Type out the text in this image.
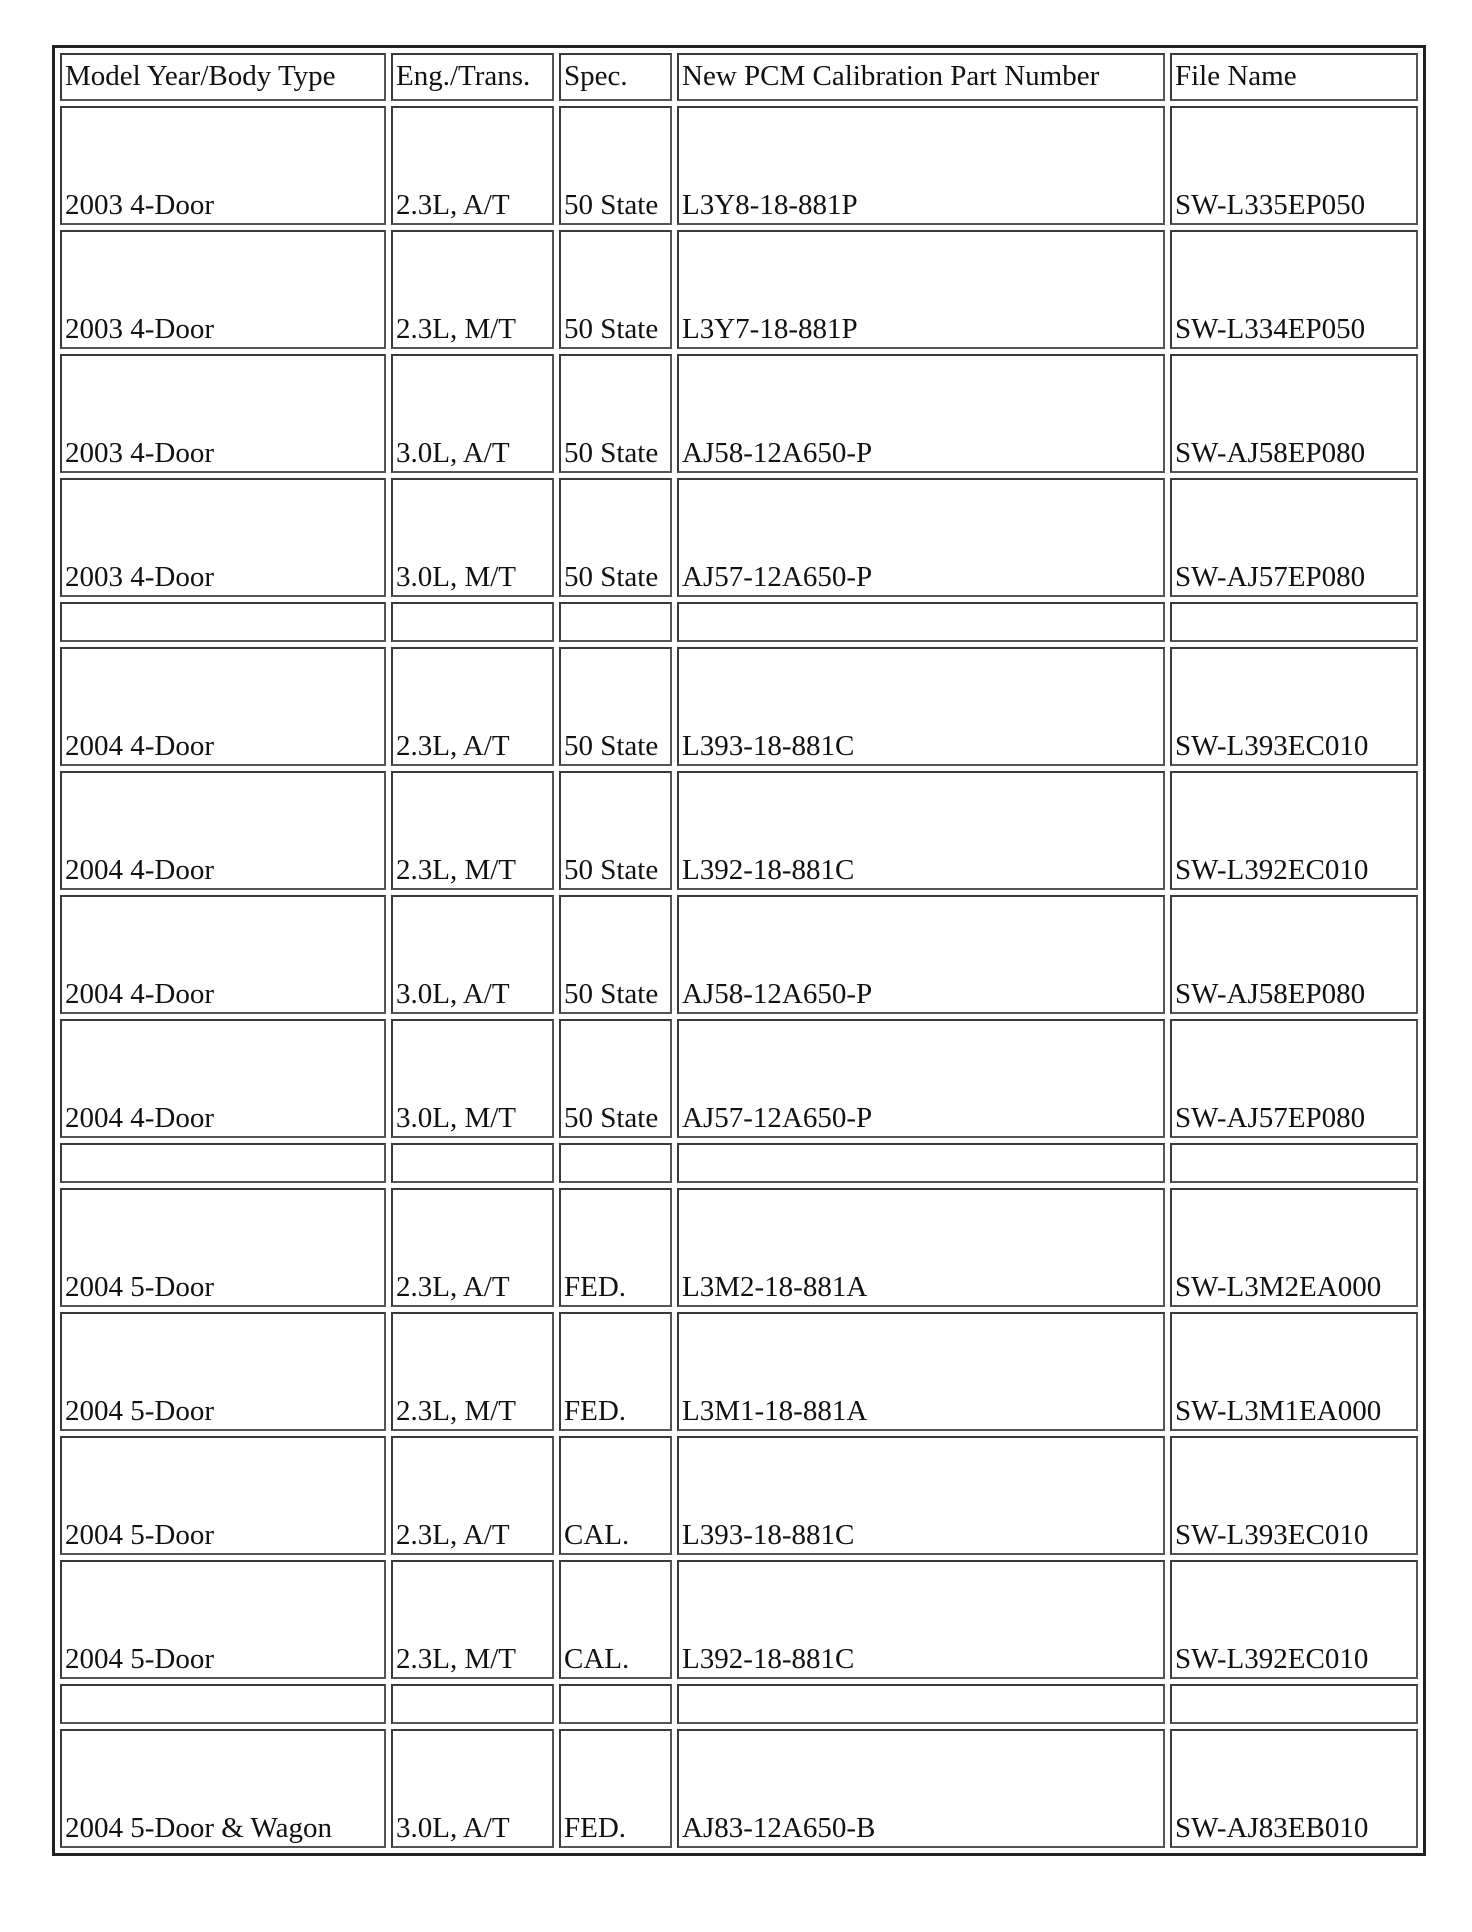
Model Year/Body Type	Eng./Trans.	Spec.	New PCM Calibration Part Number	File Name
2003 4-Door	2.3L, A/T	50 State	L3Y8-18-881P	SW-L335EP050
2003 4-Door	2.3L, M/T	50 State	L3Y7-18-881P	SW-L334EP050
2003 4-Door	3.0L, A/T	50 State	AJ58-12A650-P	SW-AJ58EP080
2003 4-Door	3.0L, M/T	50 State	AJ57-12A650-P	SW-AJ57EP080

2004 4-Door	2.3L, A/T	50 State	L393-18-881C	SW-L393EC010
2004 4-Door	2.3L, M/T	50 State	L392-18-881C	SW-L392EC010
2004 4-Door	3.0L, A/T	50 State	AJ58-12A650-P	SW-AJ58EP080
2004 4-Door	3.0L, M/T	50 State	AJ57-12A650-P	SW-AJ57EP080

2004 5-Door	2.3L, A/T	FED.	L3M2-18-881A	SW-L3M2EA000
2004 5-Door	2.3L, M/T	FED.	L3M1-18-881A	SW-L3M1EA000
2004 5-Door	2.3L, A/T	CAL.	L393-18-881C	SW-L393EC010
2004 5-Door	2.3L, M/T	CAL.	L392-18-881C	SW-L392EC010

2004 5-Door & Wagon	3.0L, A/T	FED.	AJ83-12A650-B	SW-AJ83EB010
